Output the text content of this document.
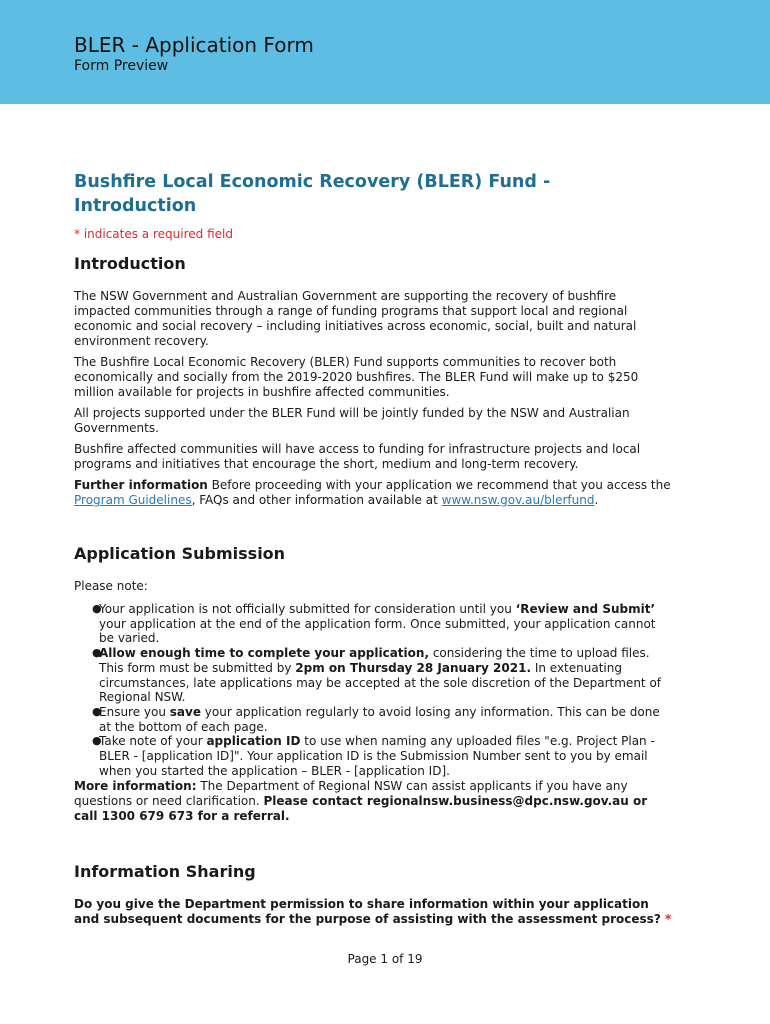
BLER - Application Form
Form Preview
Bushfire Local Economic Recovery (BLER) Fund - Introduction
* indicates a required field
Introduction

The NSW Government and Australian Government are supporting the recovery of bushfire impacted communities through a range of funding programs that support local and regional economic and social recovery – including initiatives across economic, social, built and natural environment recovery.

The Bushfire Local Economic Recovery (BLER) Fund supports communities to recover both economically and socially from the 2019-2020 bushfires. The BLER Fund will make up to $250 million available for projects in bushfire affected communities.

All projects supported under the BLER Fund will be jointly funded by the NSW and Australian Governments.

Bushfire affected communities will have access to funding for infrastructure projects and local programs and initiatives that encourage the short, medium and long-term recovery.

Further information Before proceeding with your application we recommend that you access the Program Guidelines, FAQs and other information available at www.nsw.gov.au/blerfund.

Application Submission

Please note:

●
Your application is not officially submitted for consideration until you ‘Review and Submit’ your application at the end of the application form. Once submitted, your application cannot be varied.
●
Allow enough time to complete your application, considering the time to upload files. This form must be submitted by 2pm on Thursday 28 January 2021. In extenuating circumstances, late applications may be accepted at the sole discretion of the Department of Regional NSW.
●
Ensure you save your application regularly to avoid losing any information. This can be done at the bottom of each page.
●
Take note of your application ID to use when naming any uploaded files "e.g. Project Plan - BLER - [application ID]". Your application ID is the Submission Number sent to you by email when you started the application – BLER - [application ID].

More information: The Department of Regional NSW can assist applicants if you have any questions or need clarification. Please contact regionalnsw.business@dpc.nsw.gov.au or call 1300 679 673 for a referral.

Information Sharing

Do you give the Department permission to share information within your application and subsequent documents for the purpose of assisting with the assessment process? *

Page 1 of 19
